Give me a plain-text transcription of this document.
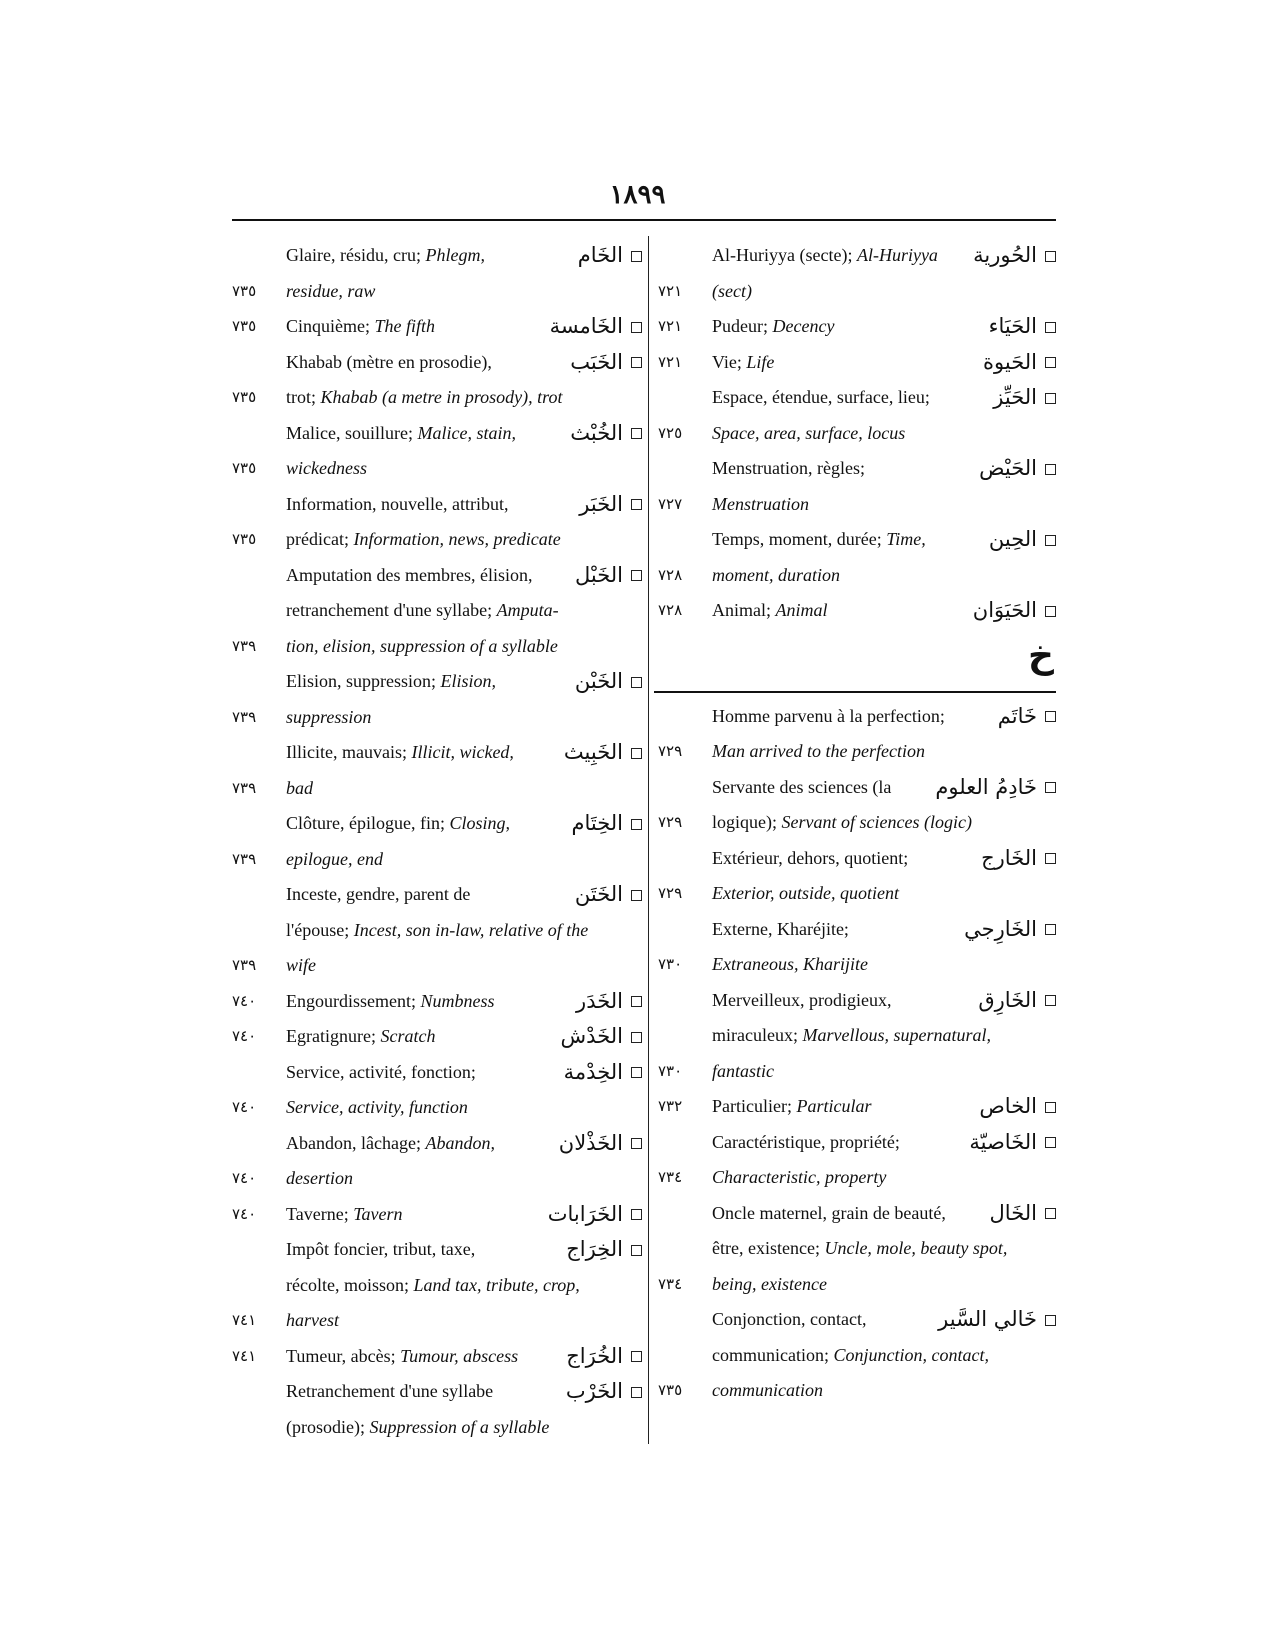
١٨٩٩
Glaire, résidu, cru; Phlegm,	الخَام
٧٣٥	residue, raw
٧٣٥	Cinquième; The fifth	الخَامسة
Khabab (mètre en prosodie),	الخَبَب
٧٣٥	trot; Khabab (a metre in prosody), trot
Malice, souillure; Malice, stain,	الخُبْث
٧٣٥	wickedness
Information, nouvelle, attribut,	الخَبَر
٧٣٥	prédicat; Information, news, predicate
Amputation des membres, élision, الخَبْل
retranchement d'une syllabe; Amputa-
٧٣٩	tion, elision, suppression of a syllable
Elision, suppression; Elision,	الخَبْن
٧٣٩	suppression
Illicite, mauvais; Illicit, wicked, الخَبِيث
٧٣٩	bad
Clôture, épilogue, fin; Closing,	الخِتَام
٧٣٩	epilogue, end
Inceste, gendre, parent de	الخَتَن
l'épouse; Incest, son in-law, relative of the
٧٣٩	wife
٧٤٠	Engourdissement; Numbness	الخَدَر
٧٤٠	Egratignure; Scratch	الخَدْش
Service, activité, fonction;	الخِدْمة
٧٤٠	Service, activity, function
Abandon, lâchage; Abandon,	الخَذْلان
٧٤٠	desertion
٧٤٠	Taverne; Tavern	الخَرَابات
Impôt foncier, tribut, taxe,	الخِرَاج
récolte, moisson; Land tax, tribute, crop,
٧٤١	harvest
٧٤١	Tumeur, abcès; Tumour, abscess الخُرَاج
Retranchement d'une syllabe	الخَرْب
(prosodie); Suppression of a syllable
Al-Huriyya (secte); Al-Huriyya الحُورية
٧٢١	(sect)
٧٢١	Pudeur; Decency	الحَيَاء
٧٢١	Vie; Life	الحَيوة
Espace, étendue, surface, lieu;	الحَيِّز
٧٢٥	Space, area, surface, locus
Menstruation, règles;	الحَيْض
٧٢٧	Menstruation
Temps, moment, durée; Time,	الحِين
٧٢٨	moment, duration
٧٢٨	Animal; Animal	الحَيَوَان
خ
Homme parvenu à la perfection;	خَاتَم
٧٢٩	Man arrived to the perfection
Servante des sciences (la خَادِمُ العلوم
٧٢٩	logique); Servant of sciences (logic)
Extérieur, dehors, quotient;	الخَارج
٧٢٩	Exterior, outside, quotient
Externe, Kharéjite;	الخَارِجي
٧٣٠	Extraneous, Kharijite
Merveilleux, prodigieux,	الخَارِق
miraculeux; Marvellous, supernatural,
٧٣٠	fantastic
٧٣٢	Particulier; Particular	الخاص
Caractéristique, propriété;	الخَاصيّة
٧٣٤	Characteristic, property
Oncle maternel, grain de beauté, الخَال
être, existence; Uncle, mole, beauty spot,
٧٣٤	being, existence
Conjonction, contact,	خَالي السَّير
communication; Conjunction, contact,
٧٣٥	communication
